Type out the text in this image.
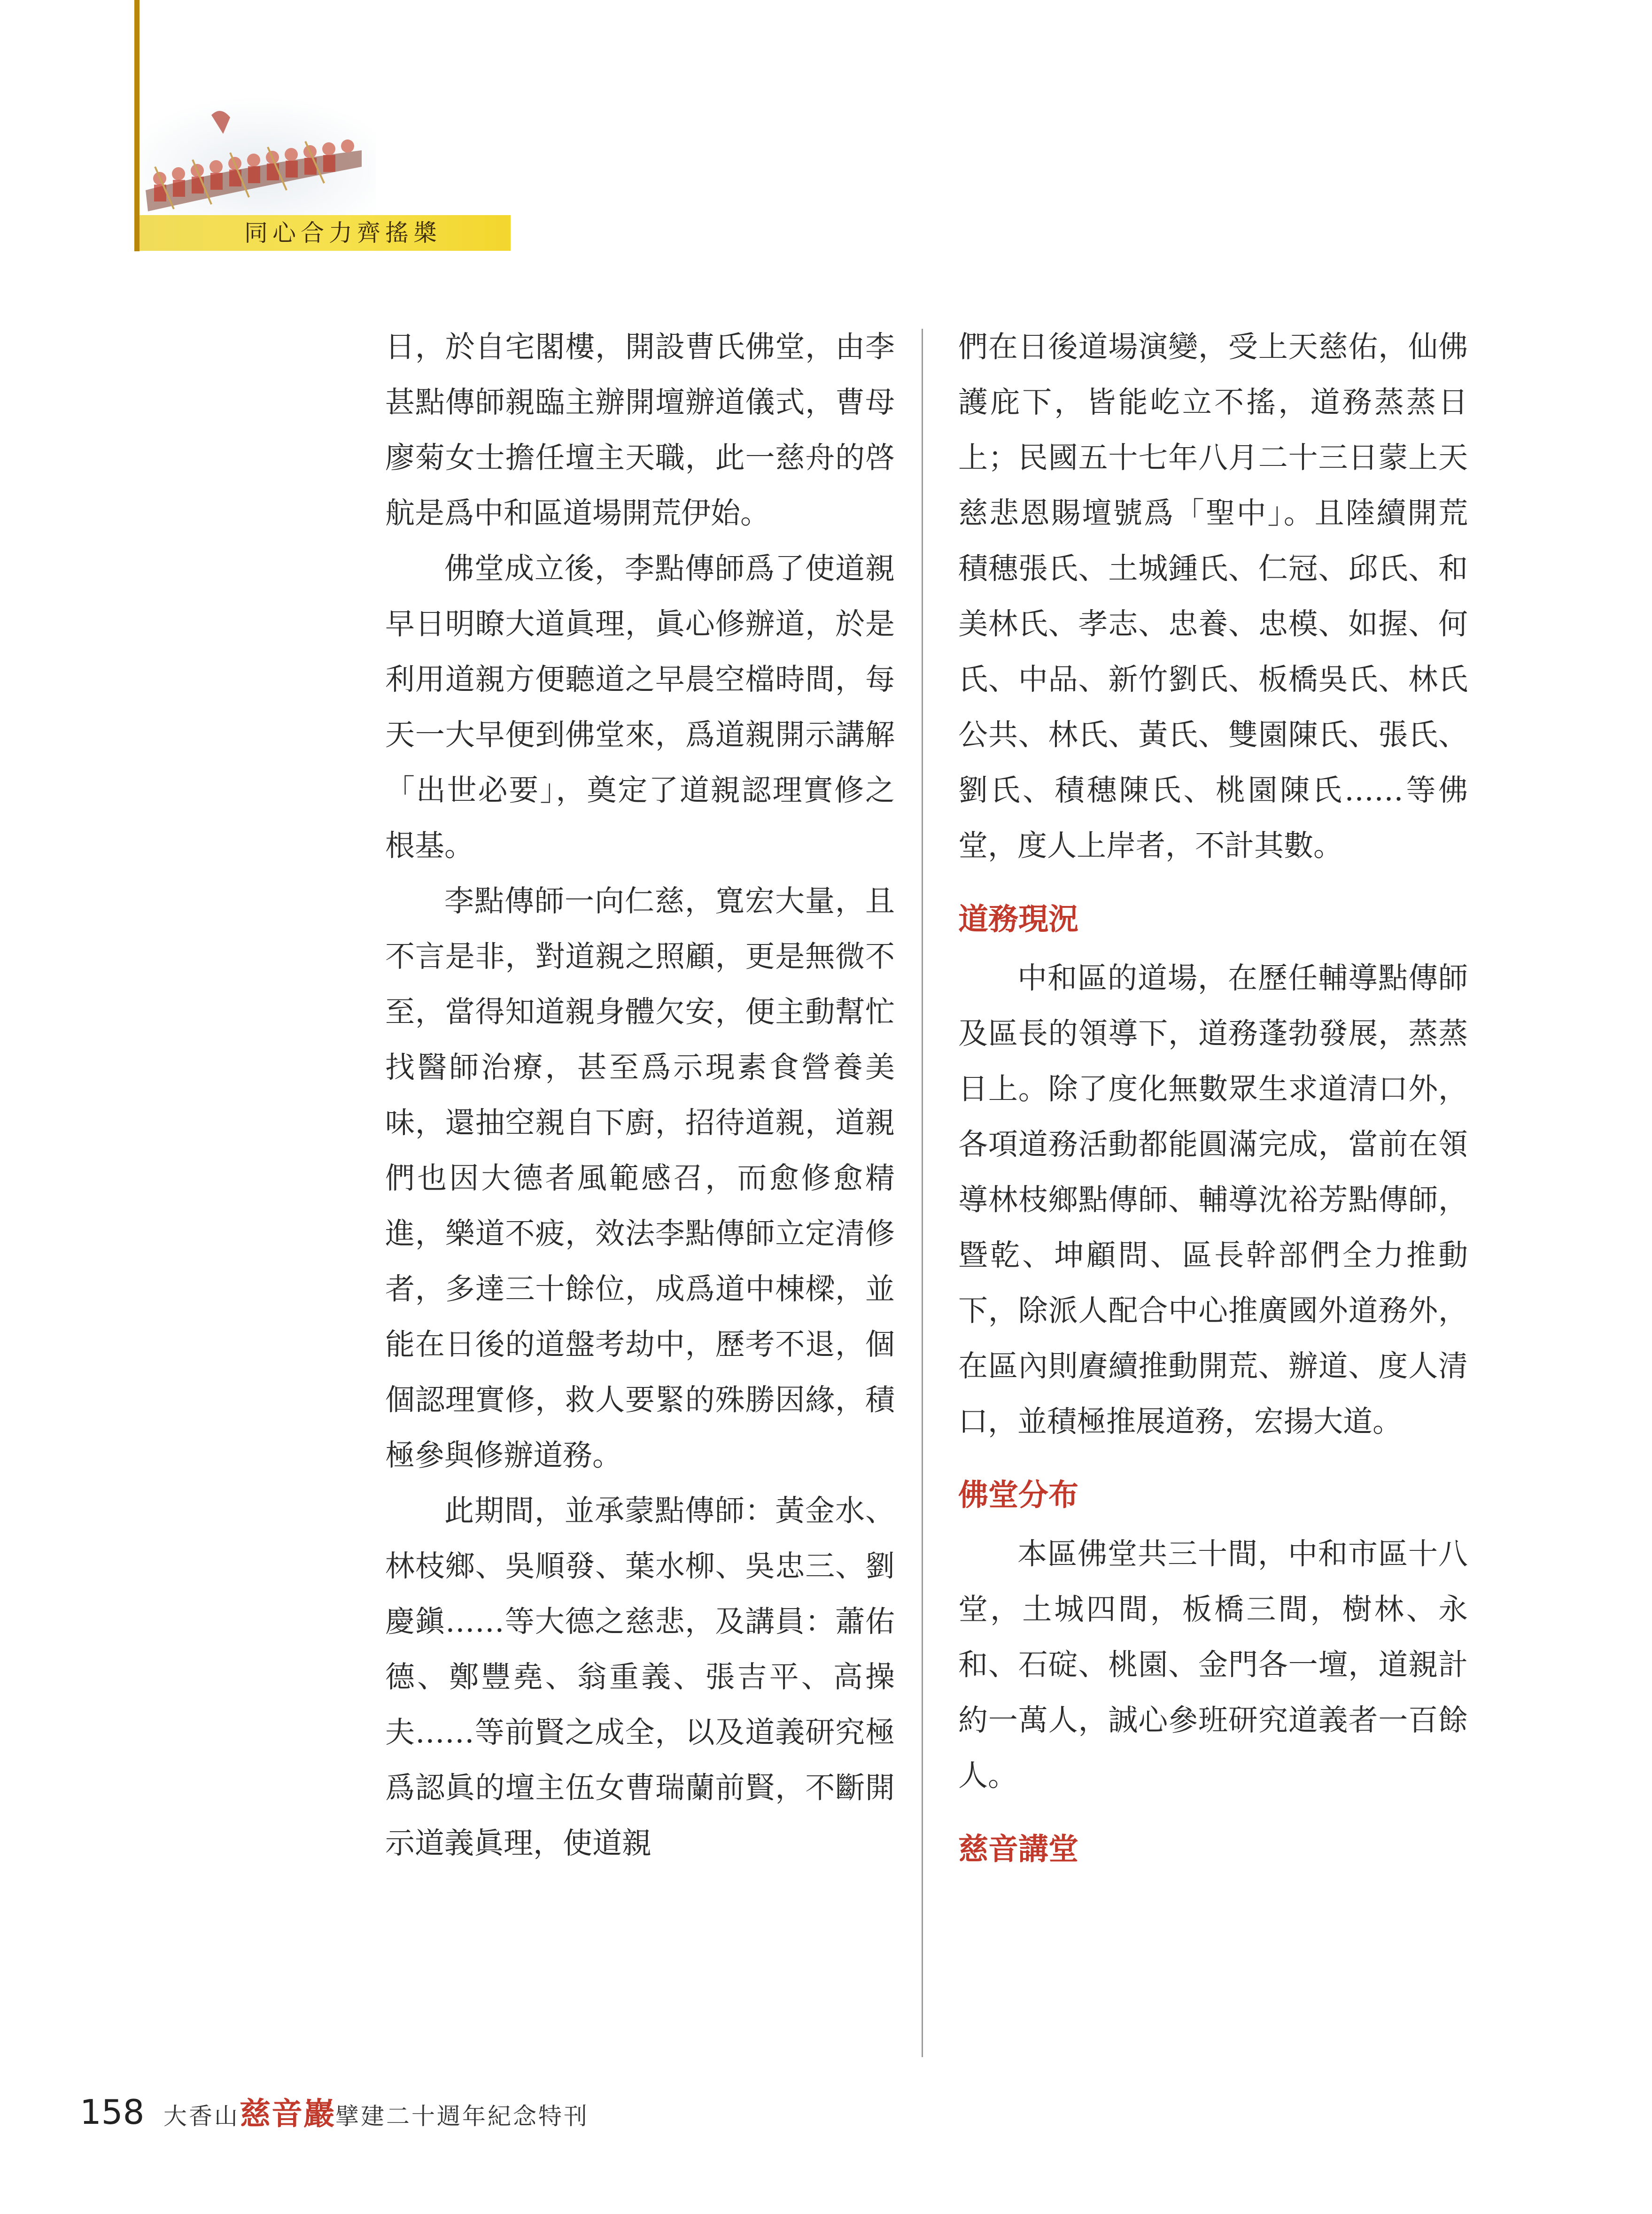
同心合力齊搖槳

日，於自宅閣樓，開設曹氏佛堂，由李甚點傳師親臨主辦開壇辦道儀式，曹母廖菊女士擔任壇主天職，此一慈舟的啓航是爲中和區道場開荒伊始。

佛堂成立後，李點傳師爲了使道親早日明瞭大道眞理，眞心修辦道，於是利用道親方便聽道之早晨空檔時間，每天一大早便到佛堂來，爲道親開示講解「出世必要」，奠定了道親認理實修之根基。

李點傳師一向仁慈，寬宏大量，且不言是非，對道親之照顧，更是無微不至，當得知道親身體欠安，便主動幫忙找醫師治療，甚至爲示現素食營養美味，還抽空親自下廚，招待道親，道親們也因大德者風範感召，而愈修愈精進，樂道不疲，效法李點傳師立定清修者，多達三十餘位，成爲道中棟樑，並能在日後的道盤考劫中，歷考不退，個個認理實修，救人要緊的殊勝因緣，積極參與修辦道務。

此期間，並承蒙點傳師：黃金水、林枝鄉、吳順發、葉水柳、吳忠三、劉慶鎭……等大德之慈悲，及講員：蕭佑德、鄭豐堯、翁重義、張吉平、高操夫……等前賢之成全，以及道義研究極爲認眞的壇主伍女曹瑞蘭前賢，不斷開示道義眞理，使道親

們在日後道場演變，受上天慈佑，仙佛護庇下，皆能屹立不搖，道務蒸蒸日上；民國五十七年八月二十三日蒙上天慈悲恩賜壇號爲「聖中」。且陸續開荒積穗張氏、土城鍾氏、仁冠、邱氏、和美林氏、孝志、忠養、忠模、如握、何氏、中品、新竹劉氏、板橋吳氏、林氏公共、林氏、黃氏、雙園陳氏、張氏、劉氏、積穗陳氏、桃園陳氏……等佛堂，度人上岸者，不計其數。

道務現況

中和區的道場，在歷任輔導點傳師及區長的領導下，道務蓬勃發展，蒸蒸日上。除了度化無數眾生求道清口外，各項道務活動都能圓滿完成，當前在領導林枝鄉點傳師、輔導沈裕芳點傳師，暨乾、坤顧問、區長幹部們全力推動下，除派人配合中心推廣國外道務外，在區內則賡續推動開荒、辦道、度人清口，並積極推展道務，宏揚大道。

佛堂分布

本區佛堂共三十間，中和市區十八堂，土城四間，板橋三間，樹林、永和、石碇、桃園、金門各一壇，道親計約一萬人，誠心參班研究道義者一百餘人。

慈音講堂
158 大香山慈音巖擘建二十週年紀念特刊
